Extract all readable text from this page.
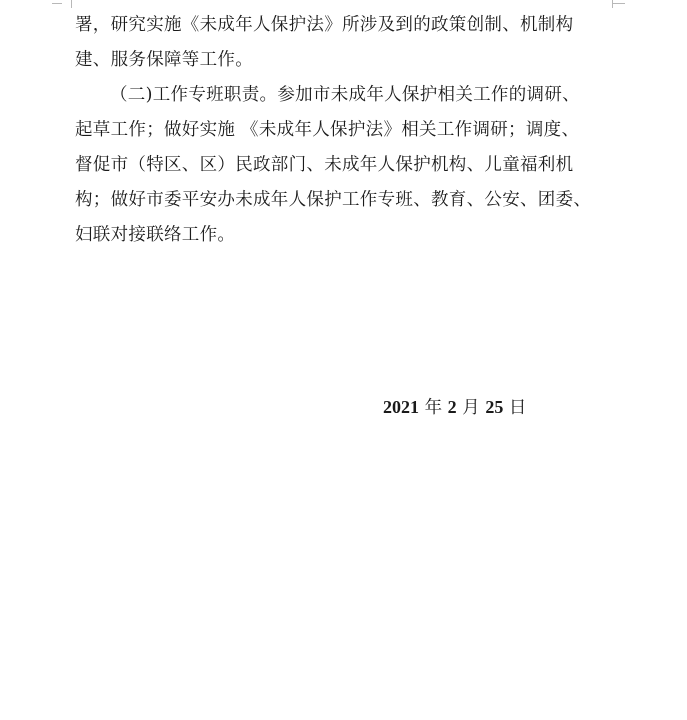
署，研究实施《未成年人保护法》所涉及到的政策创制、机制构
建、服务保障等工作。
（二)工作专班职责。参加市未成年人保护相关工作的调研、
起草工作；做好实施 《未成年人保护法》相关工作调研；调度、
督促市（特区、区）民政部门、未成年人保护机构、儿童福利机
构；做好市委平安办未成年人保护工作专班、教育、公安、团委、
妇联对接联络工作。
2021 年 2 月 25 日
